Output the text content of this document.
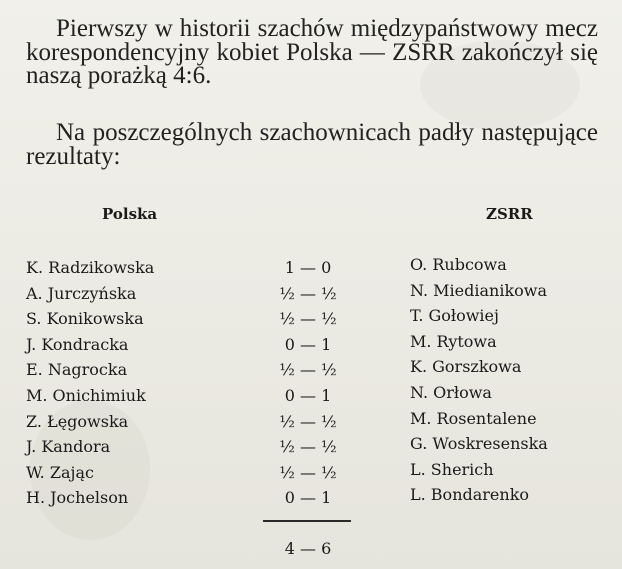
Pierwszy w historii szachów międzypaństwowy mecz korespondencyjny kobiet Polska — ZSRR zakończył się naszą porażką 4:6.
Na poszczególnych szachownicach padły następujące rezultaty:
Polska	ZSRR
K. Radzikowska	1 — 0	O. Rubcowa
A. Jurczyńska	½ — ½	N. Miedianikowa
S. Konikowska	½ — ½	T. Gołowiej
J. Kondracka	0 — 1	M. Rytowa
E. Nagrocka	½ — ½	K. Gorszkowa
M. Onichimiuk	0 — 1	N. Orłowa
Z. Łęgowska	½ — ½	M. Rosentalene
J. Kandora	½ — ½	G. Woskresenska
W. Zając	½ — ½	L. Sherich
H. Jochelson	0 — 1	L. Bondarenko
4 — 6
